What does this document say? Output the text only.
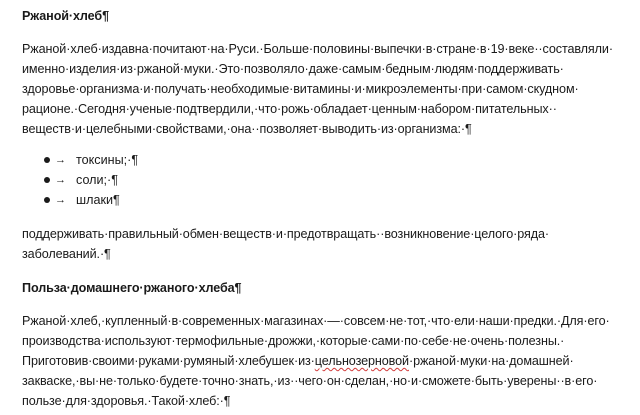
Ржаной·хлеб¶
Ржаной·хлеб·издавна·почитают·на·Руси.·Больше·половины·выпечки·в·стране·в·19·веке··составляли·
именно·изделия·из·ржаной·муки.·Это·позволяло·даже·самым·бедным·людям·поддерживать·
здоровье·организма·и·получать·необходимые·витамины·и·микроэлементы·при·самом·скудном·
рационе.·Сегодня·ученые·подтвердили,·что·рожь·обладает·ценным·набором·питательных··
веществ·и·целебными·свойствами,·она··позволяет·выводить·из·организма:·¶
→ токсины;·¶
→ соли;·¶
→ шлаки¶
поддерживать·правильный·обмен·веществ·и·предотвращать··возникновение·целого·ряда·
заболеваний.·¶
Польза·домашнего·ржаного·хлеба¶
Ржаной·хлеб,·купленный·в·современных·магазинах·—·совсем·не·тот,·что·ели·наши·предки.·Для·его·
производства·используют·термофильные·дрожжи,·которые·сами·по·себе·не·очень·полезны.·
Приготовив·своими·руками·румяный·хлебушек·из·цельнозерновой·ржаной·муки·на·домашней·
закваске,·вы·не·только·будете·точно·знать,·из··чего·он·сделан,·но·и·сможете·быть·уверены··в·его·
пользе·для·здоровья.·Такой·хлеб:·¶
